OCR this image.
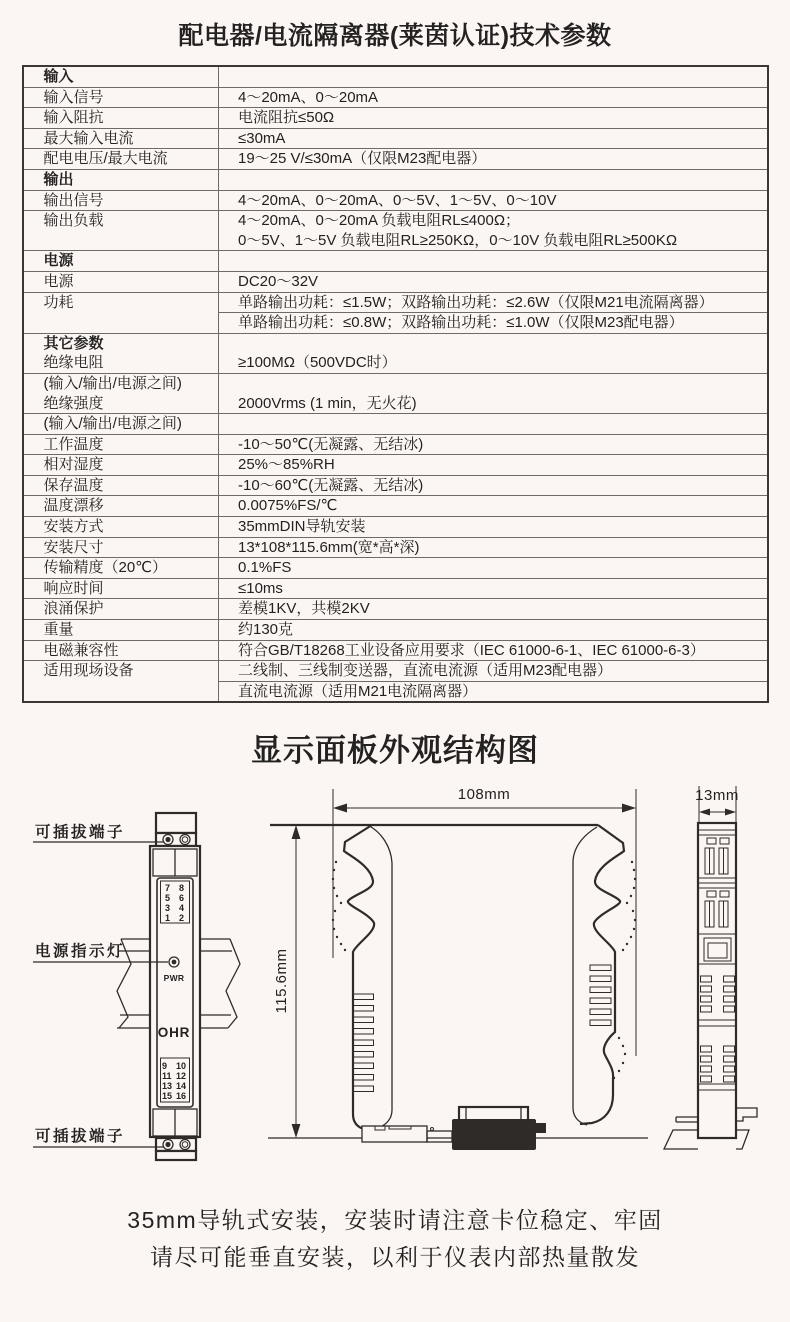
配电器/电流隔离器(莱茵认证)技术参数
输入	

输入信号	4～20mA、0～20mA

输入阻抗	电流阻抗≤50Ω

最大输入电流	≤30mA

配电电压/最大电流	19～25 V/≤30mA（仅限M23配电器）

输出	

输出信号	4～20mA、0～20mA、0～5V、1～5V、0～10V

输出负载	4～20mA、0～20mA 负载电阻RL≤400Ω；
0～5V、1～5V 负载电阻RL≥250KΩ，0～10V 负载电阻RL≥500KΩ

电源	

电源	DC20～32V

功耗	单路输出功耗：≤1.5W；双路输出功耗：≤2.6W（仅限M21电流隔离器）
单路输出功耗：≤0.8W；双路输出功耗：≤1.0W（仅限M23配电器）

其它参数
绝缘电阻	≥100MΩ（500VDC时）

(输入/输出/电源之间)
绝缘强度	2000Vrms (1 min，无火花)

(输入/输出/电源之间)	

工作温度	-10～50℃(无凝露、无结冰)

相对湿度	25%～85%RH

保存温度	-10～60℃(无凝露、无结冰)

温度漂移	0.0075%FS/℃

安装方式	35mmDIN导轨安装

安装尺寸	13*108*115.6mm(宽*高*深)

传输精度（20℃）	0.1%FS

响应时间	≤10ms

浪涌保护	差模1KV，共模2KV

重量	约130克

电磁兼容性	符合GB/T18268工业设备应用要求（IEC 61000-6-1、IEC 61000-6-3）

适用现场设备	二线制、三线制变送器，直流电流源（适用M23配电器）
直流电流源（适用M21电流隔离器）
显示面板外观结构图
7 8
5 6
3 4
1 2
PWR
OHR
9 10
11 12
13 14
15 16
可插拔端子
电源指示灯
可插拔端子
108mm
115.6mm
13mm
35mm导轨式安装，安装时请注意卡位稳定、牢固
请尽可能垂直安装，以利于仪表内部热量散发
